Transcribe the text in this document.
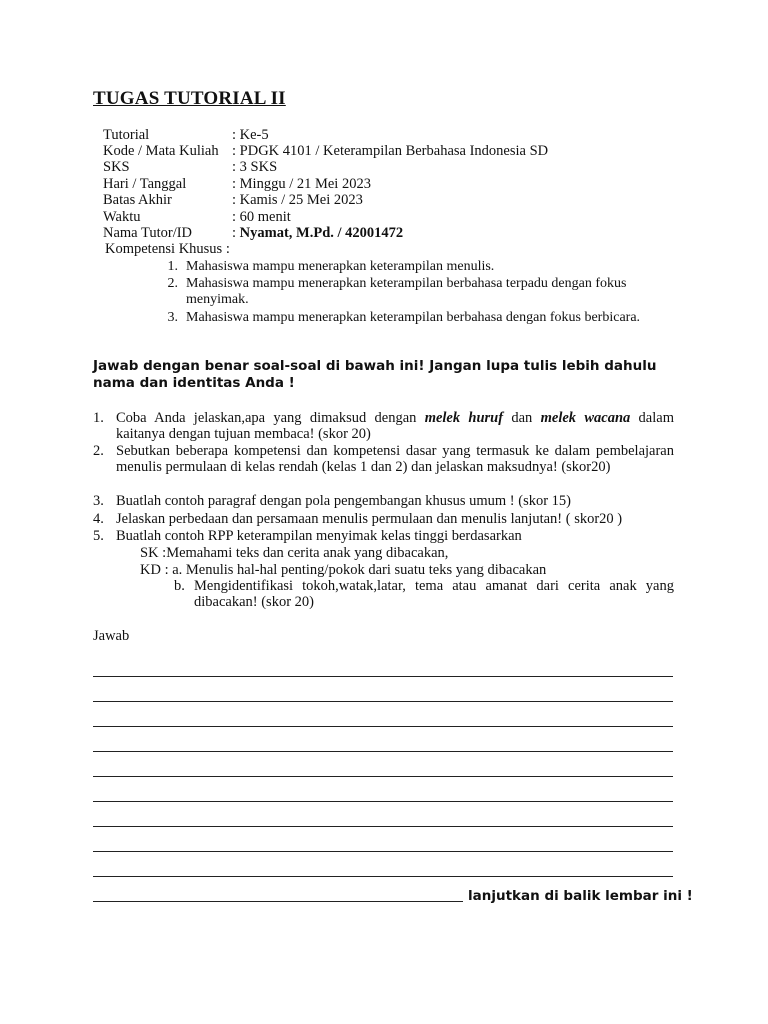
TUGAS TUTORIAL II
Tutorial	: Ke-5
Kode / Mata Kuliah : PDGK 4101 / Keterampilan Berbahasa Indonesia SD
SKS	: 3 SKS
Hari / Tanggal	: Minggu / 21 Mei 2023
Batas Akhir	: Kamis / 25 Mei 2023
Waktu	: 60 menit
Nama Tutor/ID	: Nyamat, M.Pd. / 42001472
Kompetensi Khusus :
1. Mahasiswa mampu menerapkan keterampilan menulis.
2. Mahasiswa mampu menerapkan keterampilan berbahasa terpadu dengan fokus menyimak.
3. Mahasiswa mampu menerapkan keterampilan berbahasa dengan fokus berbicara.
Jawab dengan benar soal-soal di bawah ini! Jangan lupa tulis lebih dahulu nama dan identitas Anda !
1. Coba Anda jelaskan,apa yang dimaksud dengan melek huruf dan melek wacana dalam kaitanya dengan tujuan membaca! (skor 20)
2. Sebutkan beberapa kompetensi dan kompetensi dasar yang termasuk ke dalam pembelajaran menulis permulaan di kelas rendah (kelas 1 dan 2) dan jelaskan maksudnya! (skor20)
3. Buatlah contoh paragraf dengan pola pengembangan khusus umum ! (skor 15)
4. Jelaskan perbedaan dan persamaan menulis permulaan dan menulis lanjutan! ( skor20 )
5. Buatlah contoh RPP keterampilan menyimak kelas tinggi berdasarkan
SK :Memahami teks dan cerita anak yang dibacakan,
KD : a. Menulis hal-hal penting/pokok dari suatu teks yang dibacakan
b. Mengidentifikasi tokoh,watak,latar, tema atau amanat dari cerita anak yang dibacakan! (skor 20)
Jawab
lanjutkan di balik lembar ini !
